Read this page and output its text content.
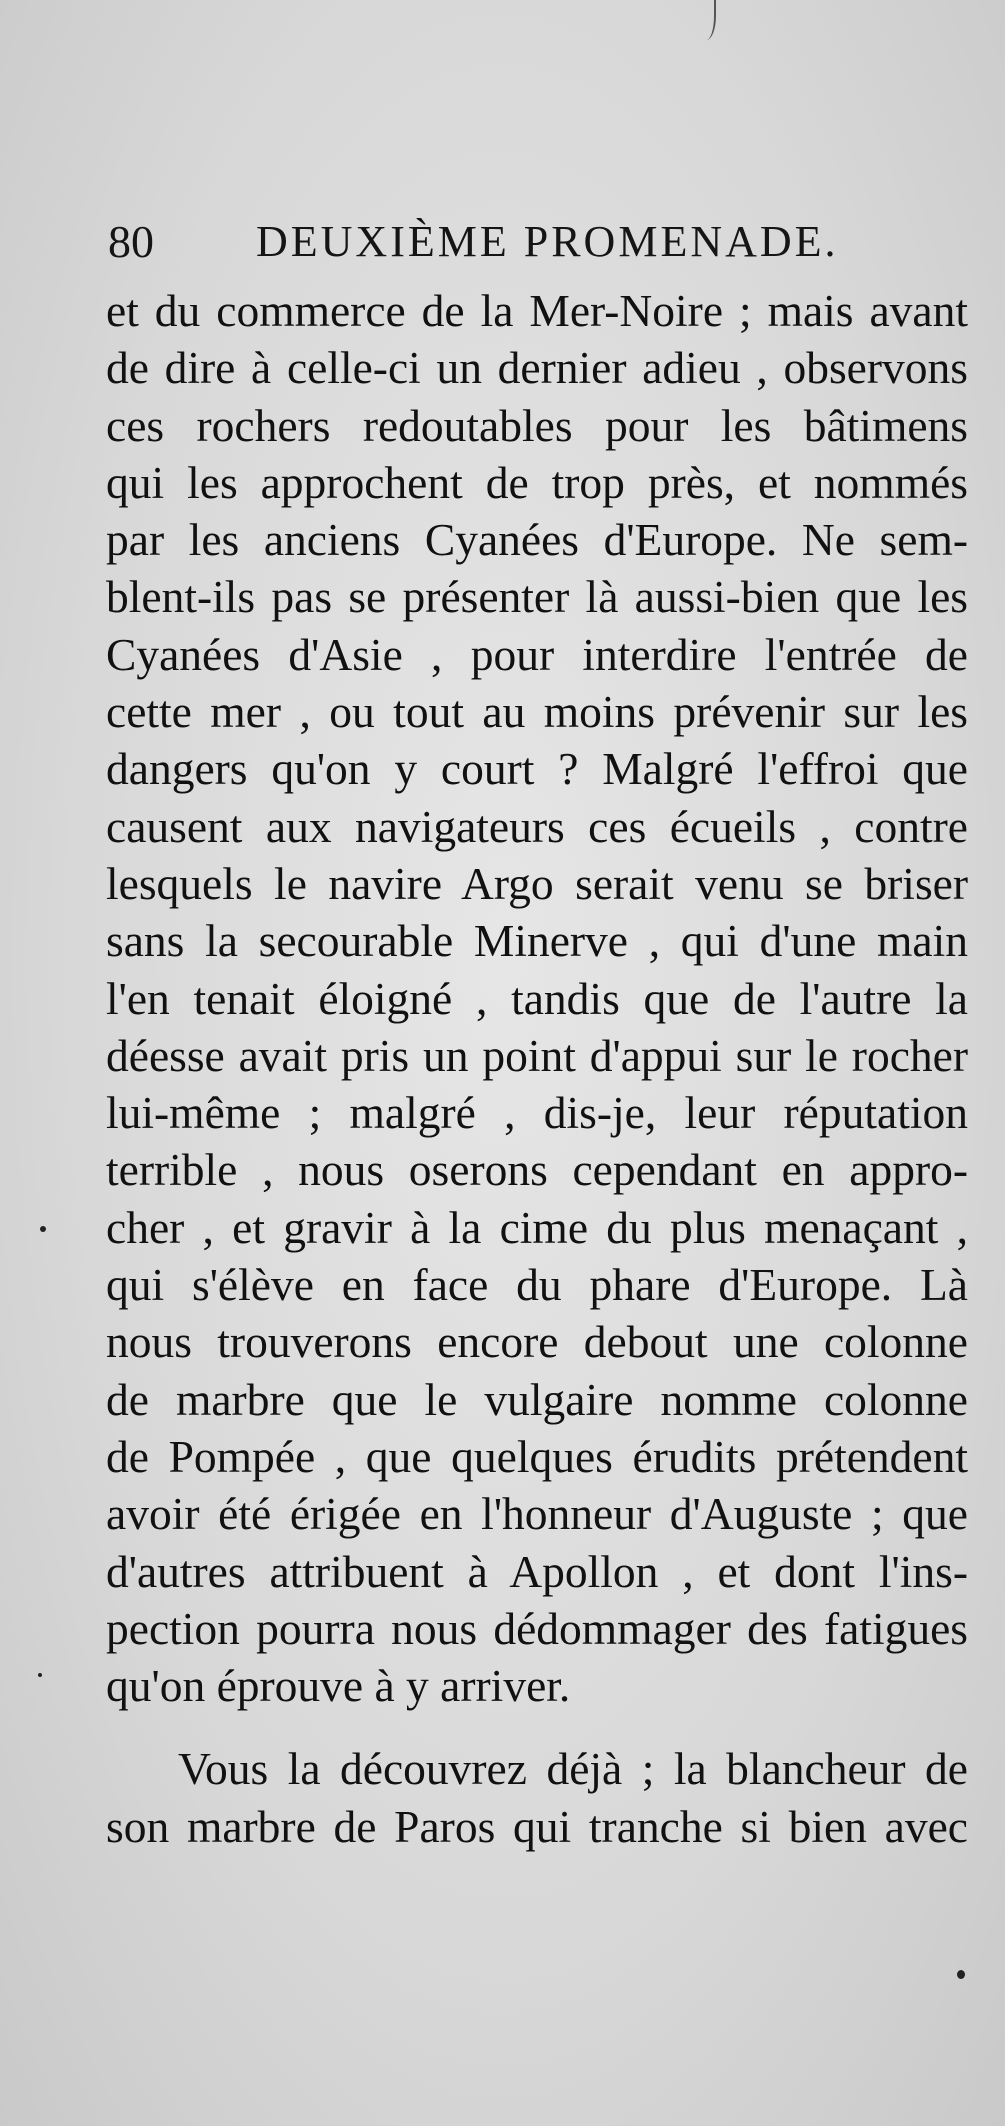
80 DEUXIÈME PROMENADE.
et du commerce de la Mer-Noire ; mais avant
de dire à celle-ci un dernier adieu , observons
ces rochers redoutables pour les bâtimens
qui les approchent de trop près, et nommés
par les anciens Cyanées d'Europe. Ne sem-
blent-ils pas se présenter là aussi-bien que les
Cyanées d'Asie , pour interdire l'entrée de
cette mer , ou tout au moins prévenir sur les
dangers qu'on y court ? Malgré l'effroi que
causent aux navigateurs ces écueils , contre
lesquels le navire Argo serait venu se briser
sans la secourable Minerve , qui d'une main
l'en tenait éloigné , tandis que de l'autre la
déesse avait pris un point d'appui sur le rocher
lui-même ; malgré , dis-je, leur réputation
terrible , nous oserons cependant en appro-
cher , et gravir à la cime du plus menaçant ,
qui s'élève en face du phare d'Europe. Là
nous trouverons encore debout une colonne
de marbre que le vulgaire nomme colonne
de Pompée , que quelques érudits prétendent
avoir été érigée en l'honneur d'Auguste ; que
d'autres attribuent à Apollon , et dont l'ins-
pection pourra nous dédommager des fatigues
qu'on éprouve à y arriver.
Vous la découvrez déjà ; la blancheur de
son marbre de Paros qui tranche si bien avec
